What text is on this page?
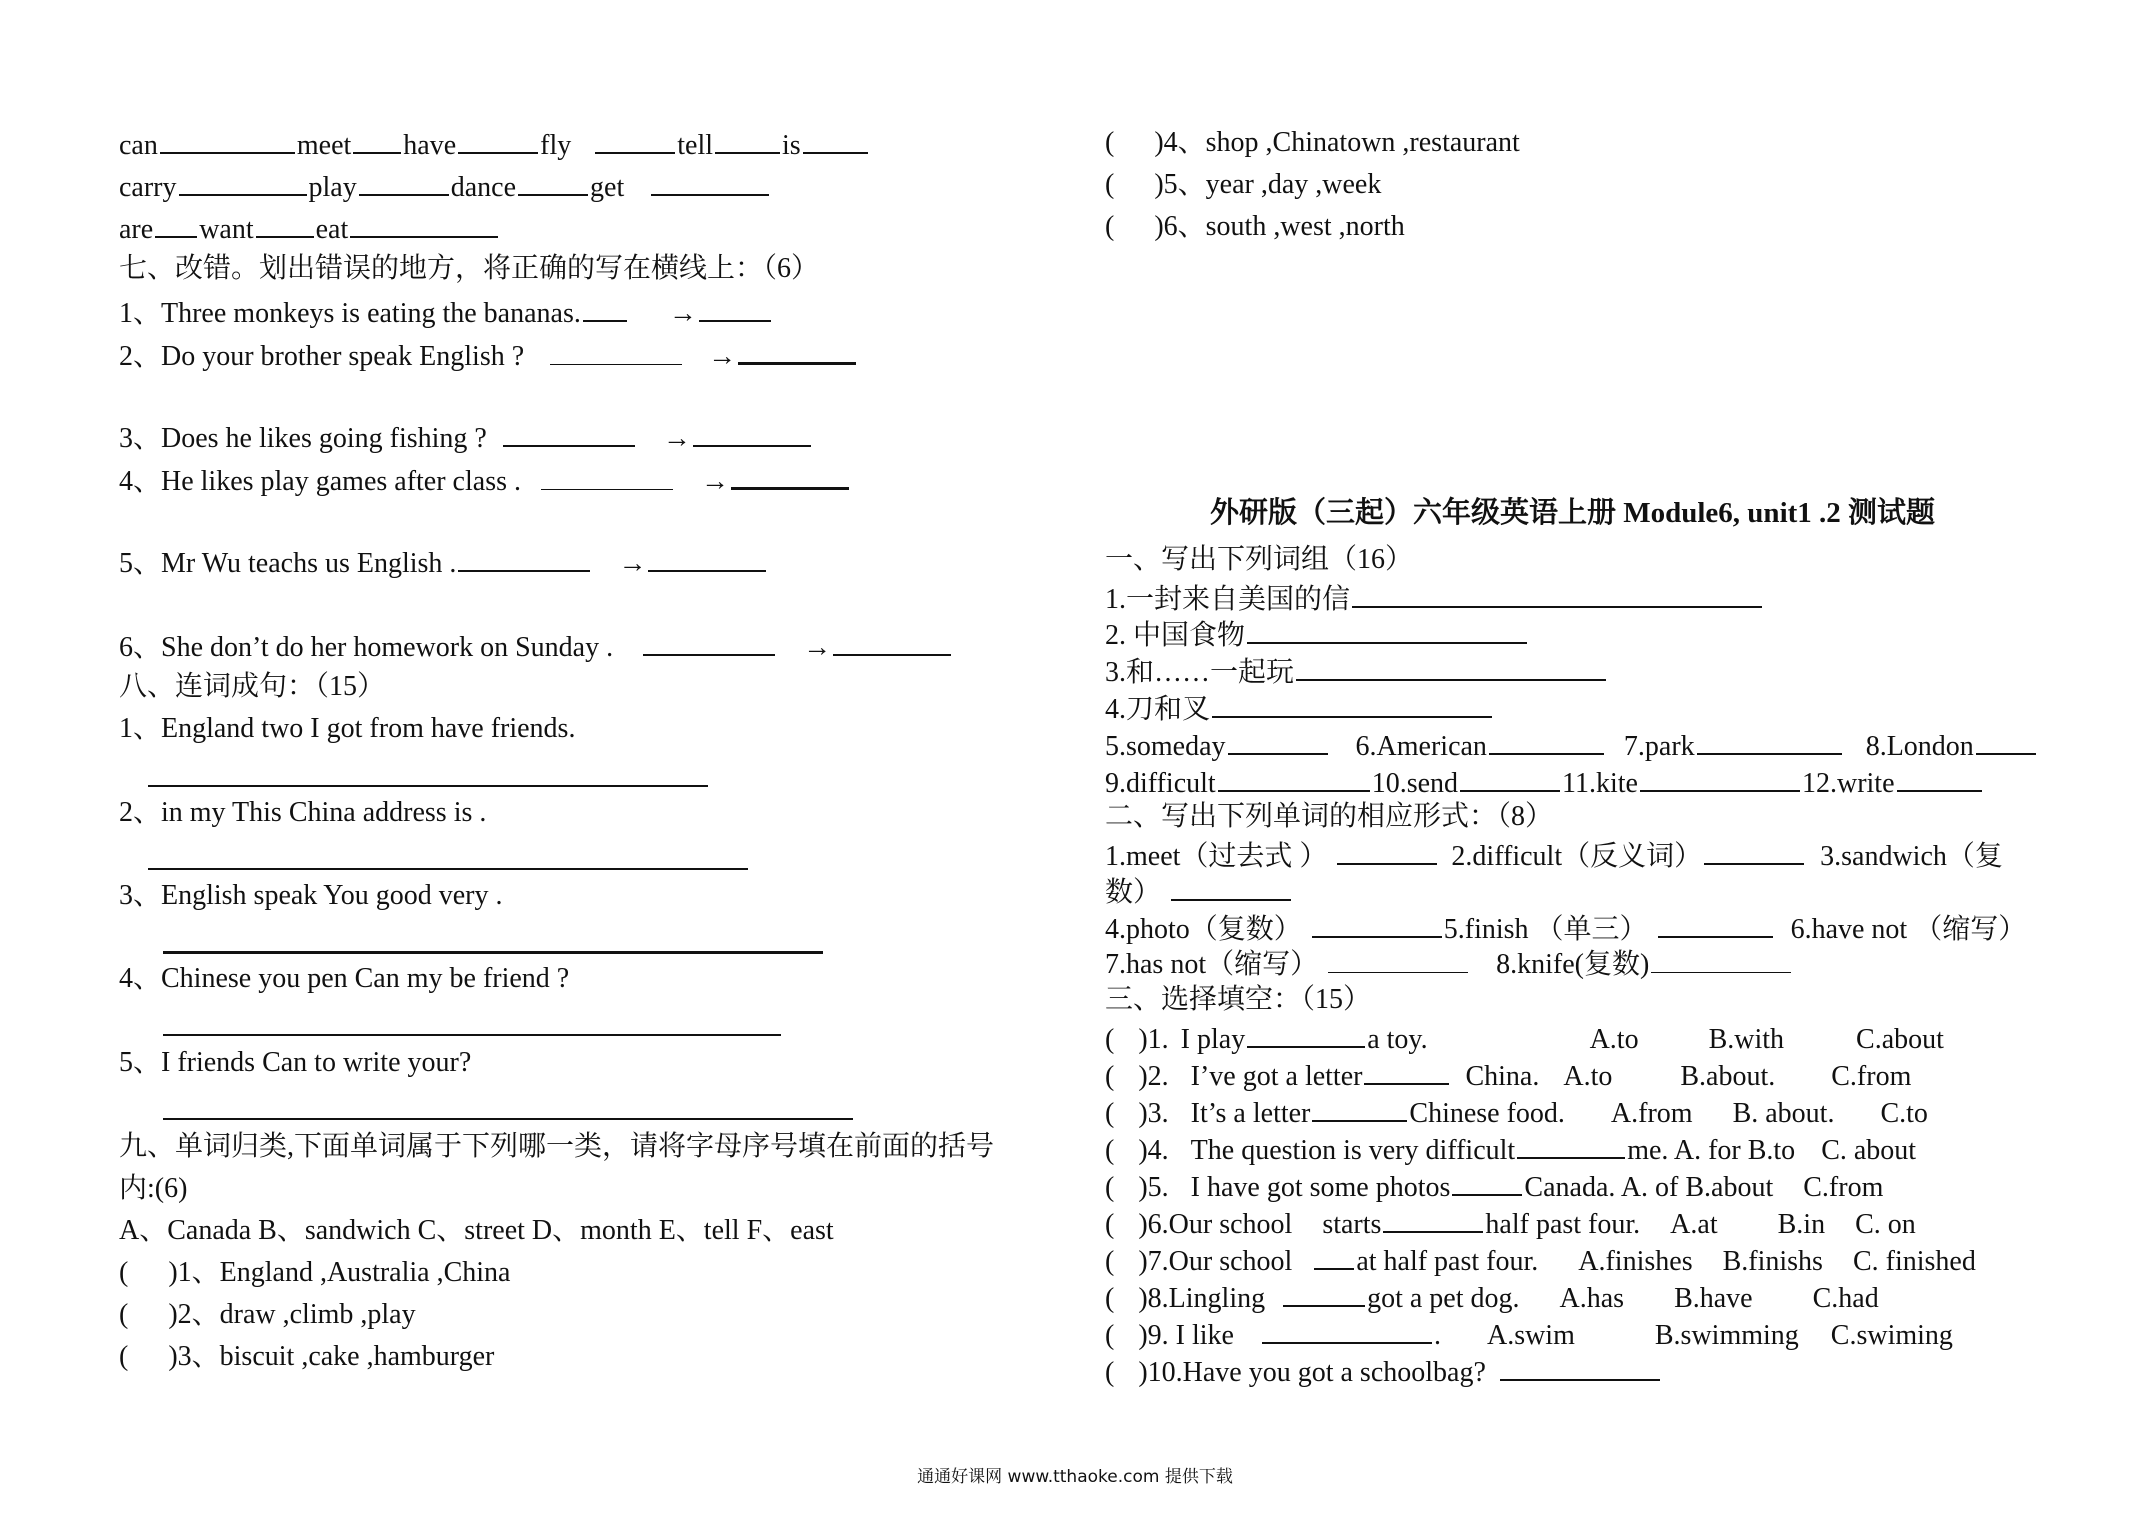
can	meet have	fly	tell is
carry	play	dance	get
are want eat
七、改错。划出错误的地方，将正确的写在横线上：（6）
1、Three monkeys is eating the bananas.	→
2、Do your brother speak English ?	→
3、Does he likes going fishing ?	→
4、He likes play games after class .	→
5、Mr Wu teachs us English .	→
6、She don’t do her homework on Sunday .	→
八、连词成句：（15）
1、England two I got from have friends.
2、in my This China address is .
3、English speak You good very .
4、Chinese you pen Can my be friend ?
5、I friends Can to write your?
九、单词归类,下面单词属于下列哪一类，请将字母序号填在前面的括号
内:(6)
A、Canada B、sandwich C、street D、month E、tell F、east
( )1、England ,Australia ,China
( )2、draw ,climb ,play
( )3、biscuit ,cake ,hamburger
( )4、shop ,Chinatown ,restaurant
( )5、year ,day ,week
( )6、south ,west ,north
外研版（三起）六年级英语上册 Module6, unit1 .2 测试题
一、写出下列词组（16）
1.一封来自美国的信
2. 中国食物
3.和……一起玩
4.刀和叉
5.someday	6.American	7.park	8.London
9.difficult	10.send	11.kite	12.write
二、写出下列单词的相应形式：（8）
1.meet（过去式 ）	2.difficult（反义词）	3.sandwich（复
数）
4.photo（复数）	5.finish （单三）	6.have not （缩写）
7.has not（缩写）	8.knife(复数)
三、选择填空：（15）
( )1. I play	a toy.	A.to	B.with	C.about
( )2. I’ve got a letter	China. A.to B.about. C.from
( )3. It’s a letter	Chinese food. A.from B. about. C.to
( )4. The question is very difficult	me. A. for B.to C. about
( )5. I have got some photos	Canada. A. of B.about C.from
( )6.Our school starts	half past four. A.at B.in C. on
( )7.Our school at half past four. A.finishes B.finishs C. finished
( )8.Lingling	got a pet dog. A.has B.have C.had
( )9. I like	. A.swim	B.swimming C.swiming
( )10.Have you got a schoolbag?
通通好课网 www.tthaoke.com 提供下载
